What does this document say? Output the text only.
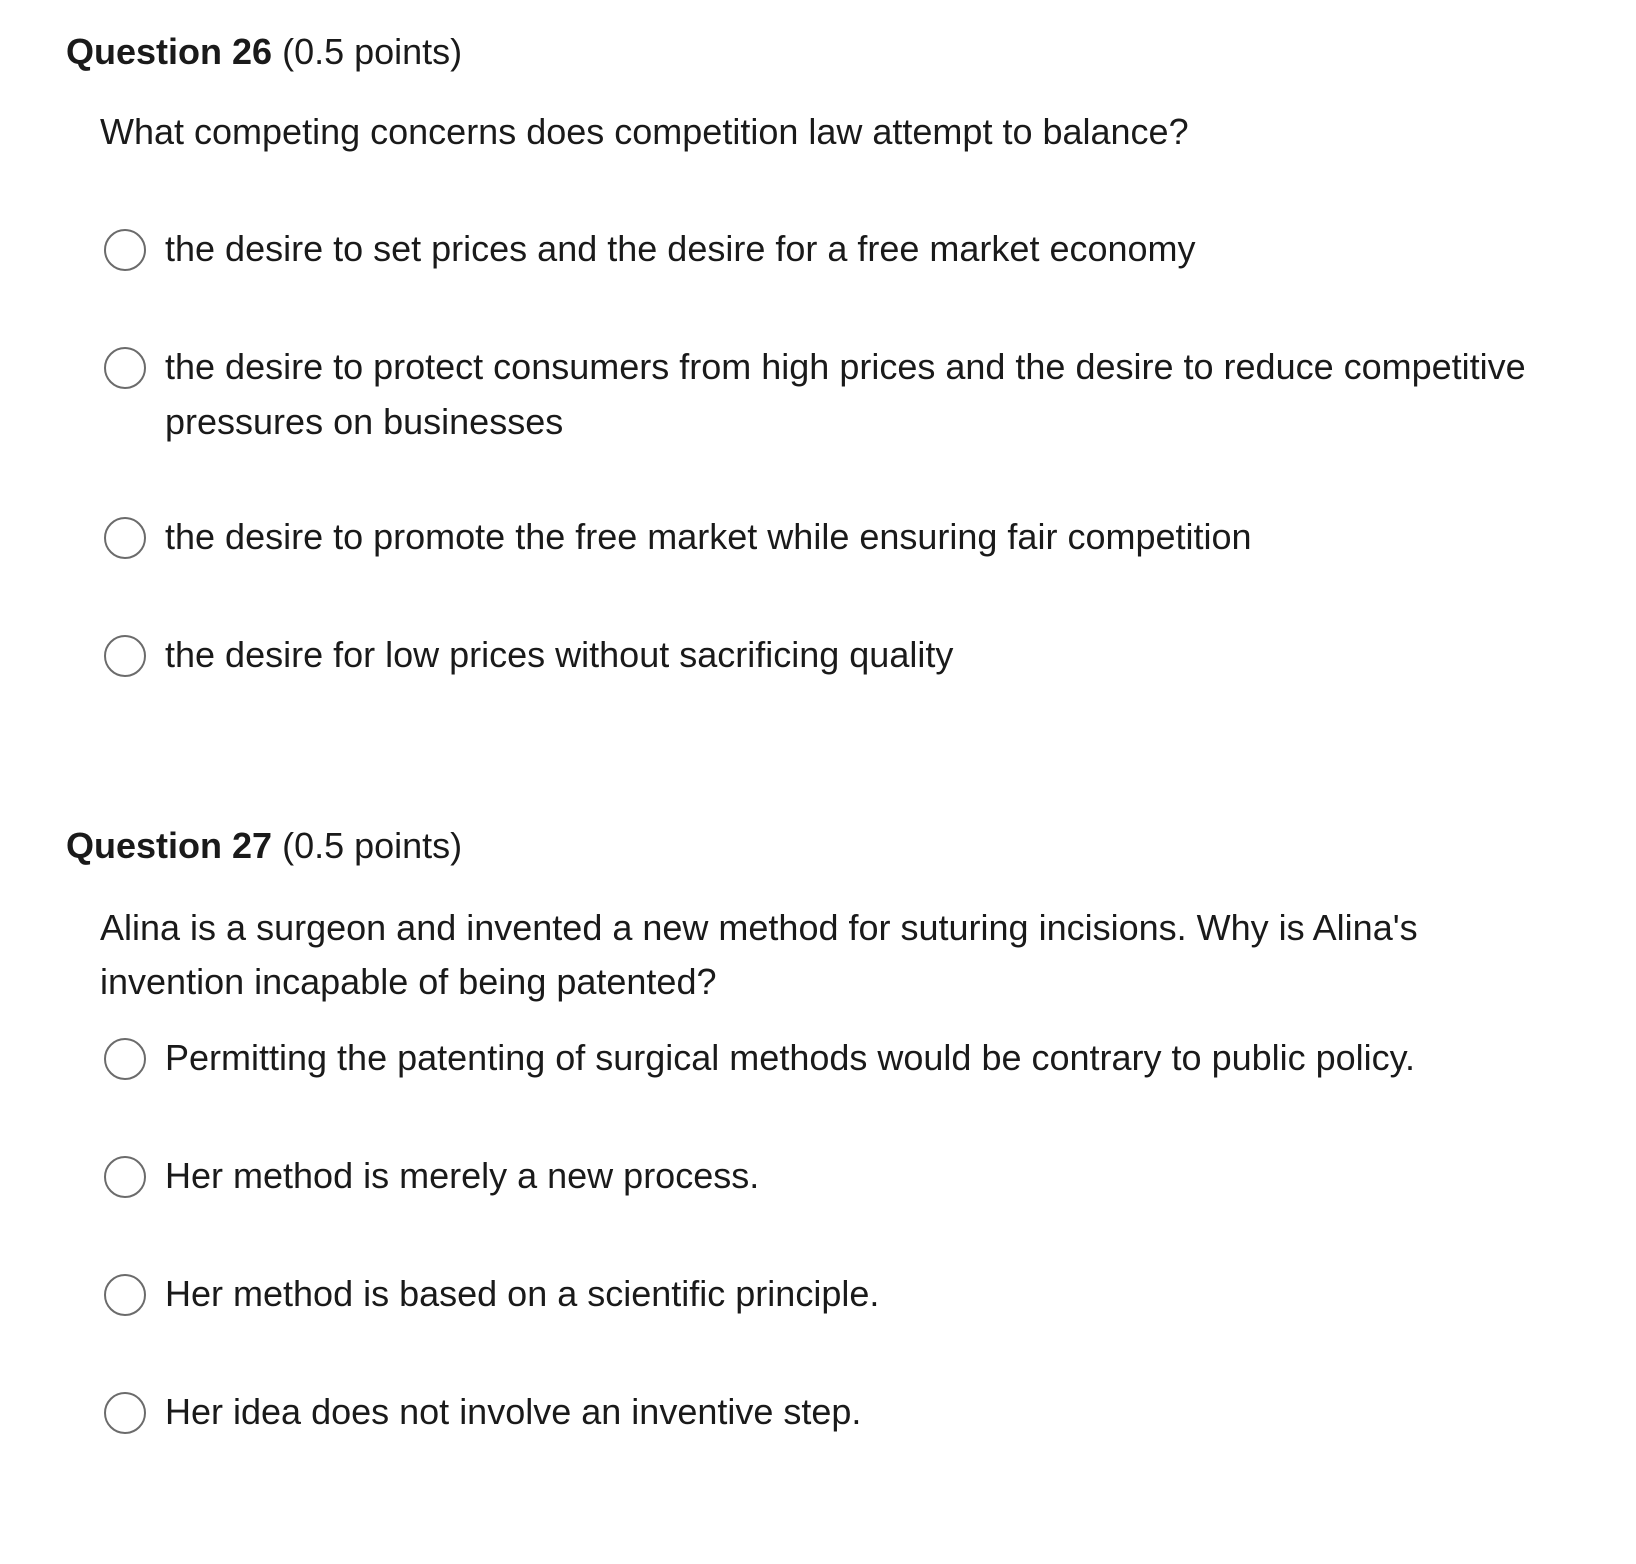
Question 26 (0.5 points)
What competing concerns does competition law attempt to balance?
the desire to set prices and the desire for a free market economy
the desire to protect consumers from high prices and the desire to reduce competitive pressures on businesses
the desire to promote the free market while ensuring fair competition
the desire for low prices without sacrificing quality
Question 27 (0.5 points)
Alina is a surgeon and invented a new method for suturing incisions. Why is Alina's invention incapable of being patented?
Permitting the patenting of surgical methods would be contrary to public policy.
Her method is merely a new process.
Her method is based on a scientific principle.
Her idea does not involve an inventive step.
